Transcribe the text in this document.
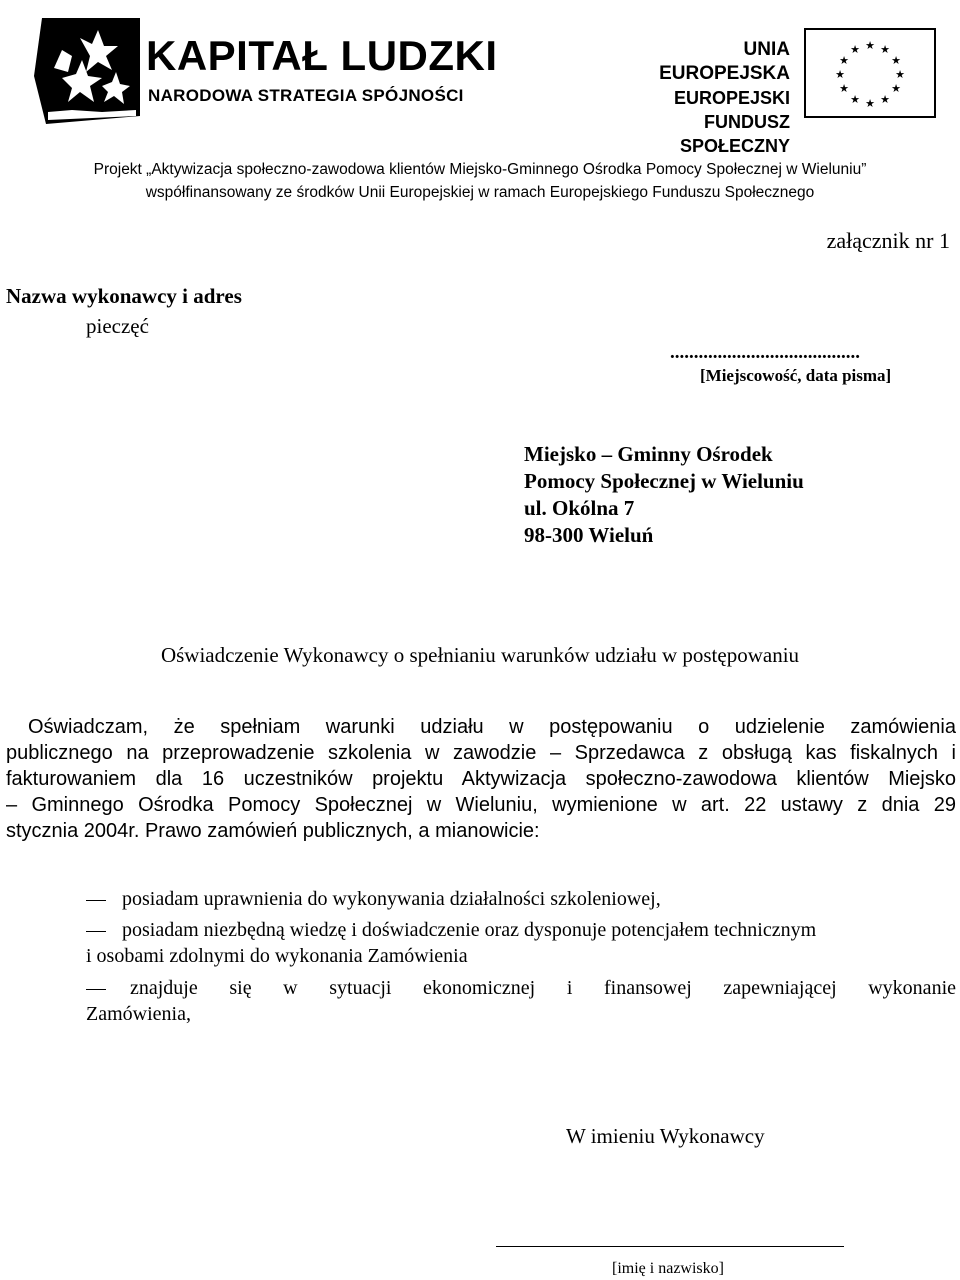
KAPITAŁ LUDZKI
NARODOWA STRATEGIA SPÓJNOŚCI
UNIA EUROPEJSKA
EUROPEJSKI
FUNDUSZ SPOŁECZNY
★ ★
★
★
★
★
★
★
★
★
★
★
Projekt „Aktywizacja społeczno-zawodowa klientów Miejsko-Gminnego Ośrodka Pomocy Społecznej w Wieluniu”
współfinansowany ze środków Unii Europejskiej w ramach Europejskiego Funduszu Społecznego
załącznik nr 1
Nazwa wykonawcy i adres
pieczęć
........................................
[Miejscowość, data pisma]
Miejsko – Gminny Ośrodek
Pomocy Społecznej w Wieluniu
ul. Okólna 7
98-300 Wieluń
Oświadczenie Wykonawcy o spełnianiu warunków udziału w postępowaniu
Oświadczam, że spełniam warunki udziału w postępowaniu o udzielenie zamówienia
publicznego na przeprowadzenie szkolenia w zawodzie – Sprzedawca z obsługą kas fiskalnych i
fakturowaniem dla 16 uczestników projektu Aktywizacja społeczno-zawodowa klientów Miejsko
– Gminnego Ośrodka Pomocy Społecznej w Wieluniu, wymienione w art. 22 ustawy z dnia 29
stycznia 2004r. Prawo zamówień publicznych, a mianowicie:
posiadam uprawnienia do wykonywania działalności szkoleniowej,
posiadam niezbędną wiedzę i doświadczenie oraz dysponuje potencjałem technicznym
i osobami zdolnymi do wykonania Zamówienia
znajduje się w sytuacji ekonomicznej i finansowej zapewniającej wykonanie
Zamówienia,
W imieniu Wykonawcy
[imię i nazwisko]
